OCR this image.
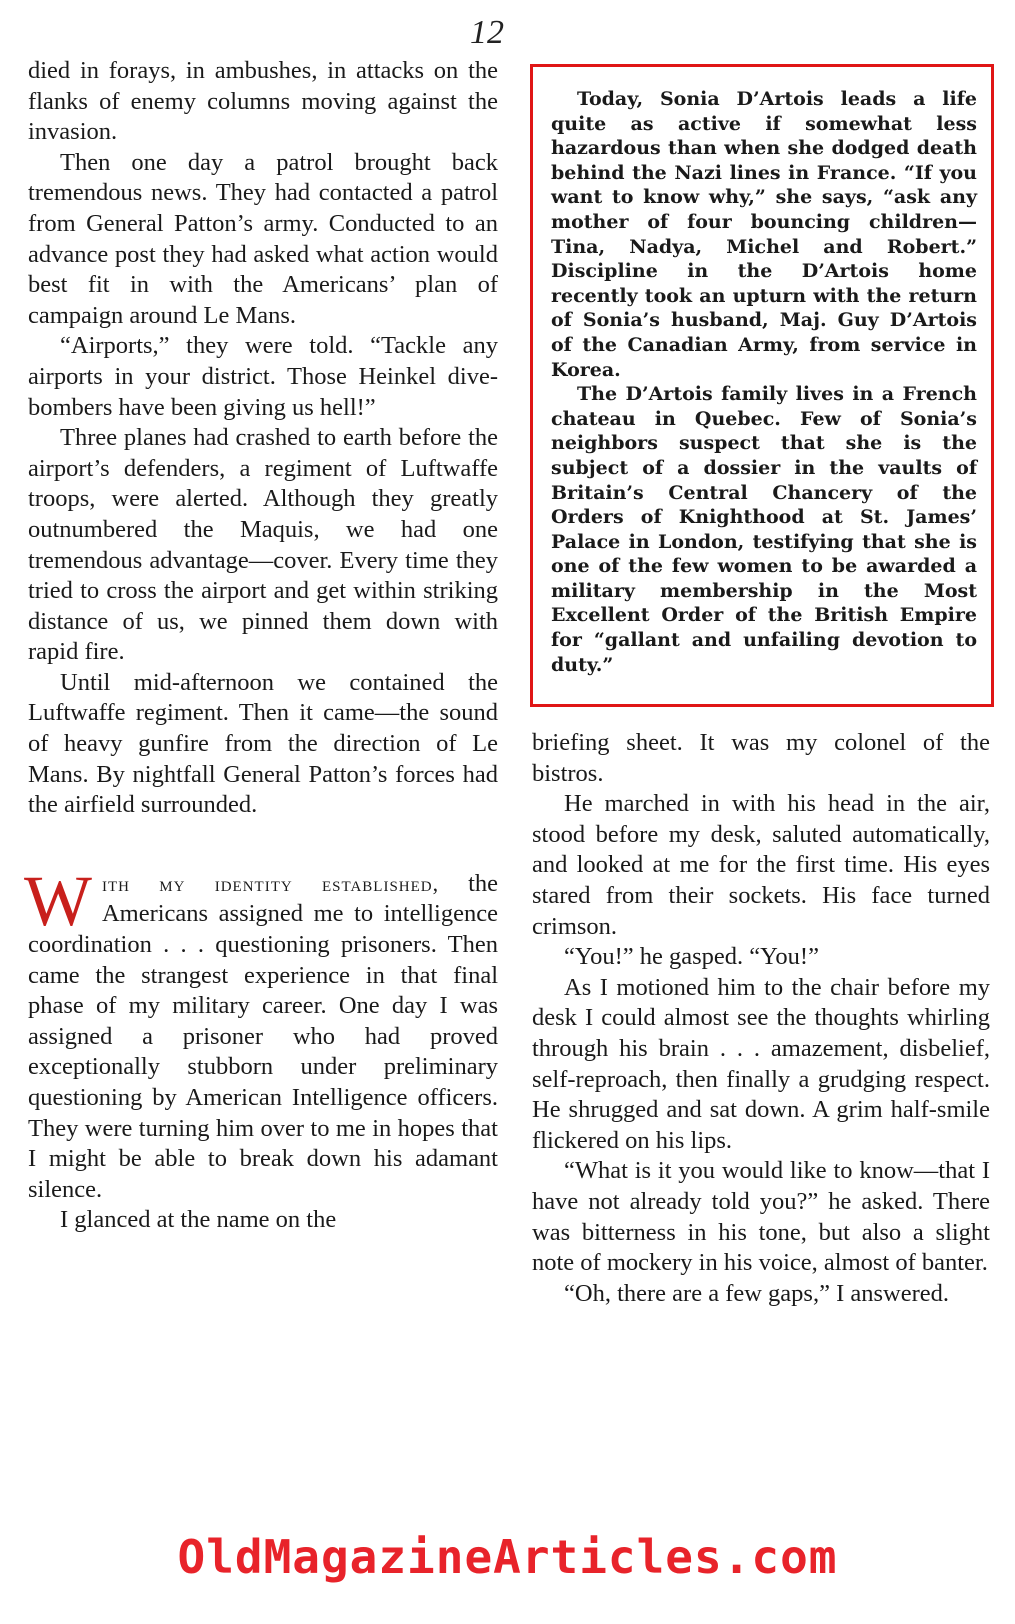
12

died in forays, in ambushes, in attacks on the flanks of enemy columns moving against the invasion.

Then one day a patrol brought back tremendous news. They had contacted a patrol from General Patton’s army. Conducted to an advance post they had asked what action would best fit in with the Americans’ plan of campaign around Le Mans.

“Airports,” they were told. “Tackle any airports in your district. Those Heinkel dive-bombers have been giving us hell!”

Three planes had crashed to earth before the airport’s defenders, a regiment of Luftwaffe troops, were alerted. Although they greatly outnumbered the Maquis, we had one tremendous advantage—cover. Every time they tried to cross the airport and get within striking distance of us, we pinned them down with rapid fire.

Until mid-afternoon we contained the Luftwaffe regiment. Then it came—the sound of heavy gunfire from the direction of Le Mans. By nightfall General Patton’s forces had the airfield surrounded.

With my identity established, the Americans assigned me to intelligence coordination . . . questioning prisoners. Then came the strangest experience in that final phase of my military career. One day I was assigned a prisoner who had proved exceptionally stubborn under preliminary questioning by American Intelligence officers. They were turning him over to me in hopes that I might be able to break down his adamant silence.

I glanced at the name on the

Today, Sonia D’Artois leads a life quite as active if somewhat less hazardous than when she dodged death behind the Nazi lines in France. “If you want to know why,” she says, “ask any mother of four bouncing children—Tina, Nadya, Michel and Robert.” Discipline in the D’Artois home recently took an upturn with the return of Sonia’s husband, Maj. Guy D’Artois of the Canadian Army, from service in Korea.

The D’Artois family lives in a French chateau in Quebec. Few of Sonia’s neighbors suspect that she is the subject of a dossier in the vaults of Britain’s Central Chancery of the Orders of Knighthood at St. James’ Palace in London, testifying that she is one of the few women to be awarded a military membership in the Most Excellent Order of the British Empire for “gallant and unfailing devotion to duty.”

briefing sheet. It was my colonel of the bistros.

He marched in with his head in the air, stood before my desk, saluted automatically, and looked at me for the first time. His eyes stared from their sockets. His face turned crimson.

“You!” he gasped. “You!”

As I motioned him to the chair before my desk I could almost see the thoughts whirling through his brain . . . amazement, disbelief, self-reproach, then finally a grudging respect. He shrugged and sat down. A grim half-smile flickered on his lips.

“What is it you would like to know—that I have not already told you?” he asked. There was bitterness in his tone, but also a slight note of mockery in his voice, almost of banter.

“Oh, there are a few gaps,” I answered.

OldMagazineArticles.com
